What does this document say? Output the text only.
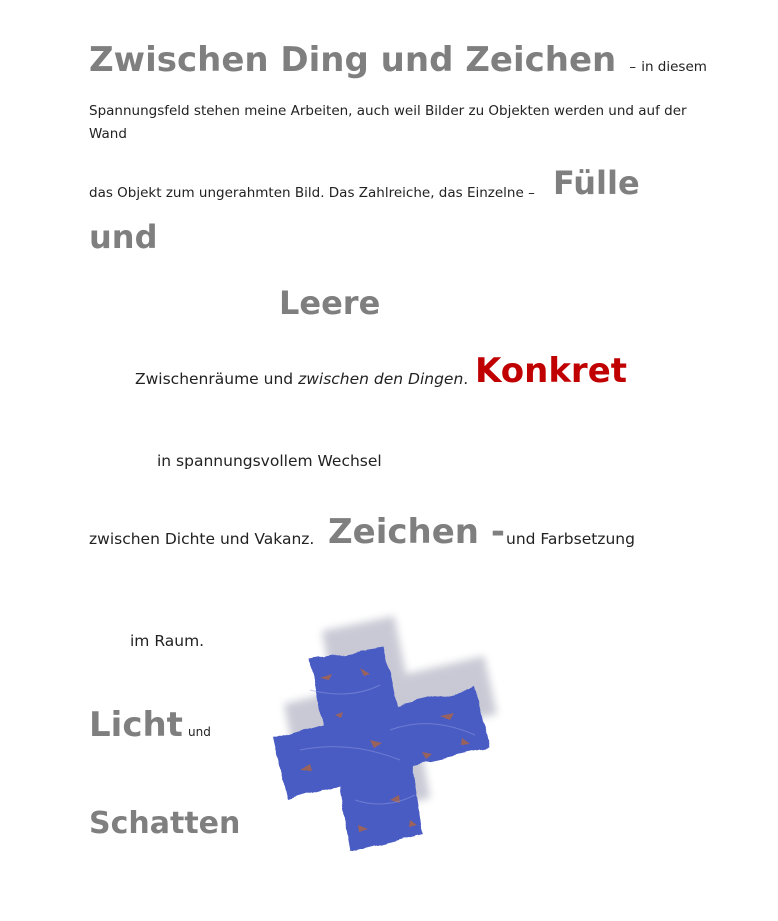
Zwischen Ding und Zeichen – in diesem
Spannungsfeld stehen meine Arbeiten, auch weil Bilder zu Objekten werden und auf der
Wand
das Objekt zum ungerahmten Bild. Das Zahlreiche, das Einzelne – Fülle
und
Leere
Zwischenräume und zwischen den Dingen. Konkret
in spannungsvollem Wechsel
zwischen Dichte und Vakanz. Zeichen - und Farbsetzung
im Raum.
Licht und
Schatten
